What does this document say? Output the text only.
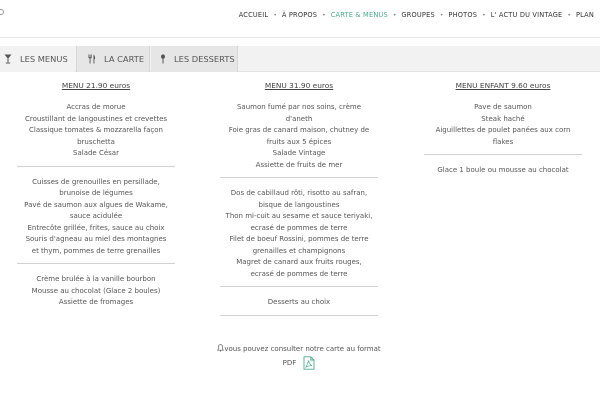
ACCUEIL • À PROPOS • CARTE & MENUS • GROUPES • PHOTOS • L' ACTU DU VINTAGE • PLAN
LES MENUS	LA CARTE	LES DESSERTS
MENU 21.90 euros
Accras de morue
Croustillant de langoustines et crevettes
Classique tomates & mozzarella façon
bruschetta
Salade César
Cuisses de grenouilles en persillade,
brunoise de légumes
Pavé de saumon aux algues de Wakame,
sauce acidulée
Entrecôte grillée, frites, sauce au choix
Souris d'agneau au miel des montagnes
et thym, pommes de terre grenailles
Crème brulée à la vanille bourbon
Mousse au chocolat (Glace 2 boules)
Assiette de fromages
MENU 31.90 euros
Saumon fumé par nos soins, crème
d'aneth
Foie gras de canard maison, chutney de
fruits aux 5 épices
Salade Vintage
Assiette de fruits de mer
Dos de cabillaud rôti, risotto au safran,
bisque de langoustines
Thon mi-cuit au sesame et sauce teriyaki,
ecrasé de pommes de terre
Filet de boeuf Rossini, pommes de terre
grenailles et champignons
Magret de canard aux fruits rouges,
ecrasé de pommes de terre
Desserts au choix
MENU ENFANT 9.60 euros
Pave de saumon
Steak haché
Aiguillettes de poulet panées aux corn
flakes
Glace 1 boule ou mousse au chocolat
vous pouvez consulter notre carte au format
PDF
